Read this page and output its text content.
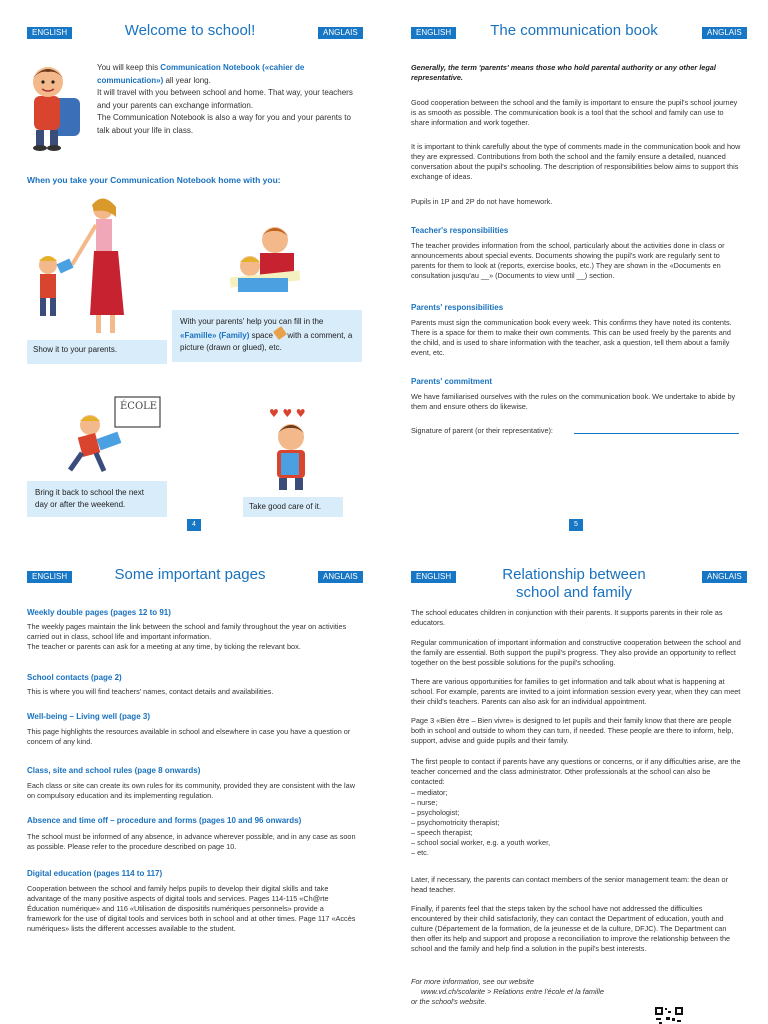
ENGLISH	Welcome to school!	ANGLAIS

You will keep this Communication Notebook («cahier de communication») all year long.

It will travel with you between school and home. That way, your teachers and your parents can exchange information.

The Communication Notebook is also a way for you and your parents to talk about your life in class.

When you take your Communication Notebook home with you:
Show it to your parents.
With your parents' help you can fill in the «Famille» (Family) space  with a comment, a picture (drawn or glued), etc.
ÉCOLE
Bring it back to school the next day or after the weekend.
♥ ♥ ♥
Take good care of it.
4
ENGLISH	The communication book	ANGLAIS
Generally, the term 'parents' means those who hold parental authority or any other legal representative.
Good cooperation between the school and the family is important to ensure the pupil's school journey is as smooth as possible. The communication book is a tool that the school and family can use to share information and work together.
It is important to think carefully about the type of comments made in the communication book and how they are expressed. Contributions from both the school and the family ensure a detailed, nuanced conversation about the pupil's schooling. The description of responsibilities below aims to support this exchange of ideas.
Pupils in 1P and 2P do not have homework.
Teacher's responsibilities
The teacher provides information from the school, particularly about the activities done in class or announcements about special events. Documents showing the pupil's work are regularly sent to parents for them to look at (reports, exercise books, etc.) They are shown in the «Documents en consultation jusqu'au __» (Documents to view until __) section.
Parents' responsibilities
Parents must sign the communication book every week. This confirms they have noted its contents. There is a space for them to make their own comments. This can be used freely by the parents and the child, and is used to share information with the teacher, ask a question, tell them about a family event, etc.
Parents' commitment
We have familiarised ourselves with the rules on the communication book. We undertake to abide by them and ensure others do likewise.
Signature of parent (or their representative):
5
ENGLISH	Some important pages	ANGLAIS
Weekly double pages (pages 12 to 91)
The weekly pages maintain the link between the school and family throughout the year on activities carried out in class, school life and important information.
The teacher or parents can ask for a meeting at any time, by ticking the relevant box.
School contacts (page 2)
This is where you will find teachers' names, contact details and availabilities.
Well-being – Living well (page 3)
This page highlights the resources available in school and elsewhere in case you have a question or concern of any kind.
Class, site and school rules (page 8 onwards)
Each class or site can create its own rules for its community, provided they are consistent with the law on compulsory education and its implementing regulation.
Absence and time off – procedure and forms (pages 10 and 96 onwards)
The school must be informed of any absence, in advance wherever possible, and in any case as soon as possible. Please refer to the procedure described on page 10.
Digital education (pages 114 to 117)
Cooperation between the school and family helps pupils to develop their digital skills and take advantage of the many positive aspects of digital tools and services. Pages 114-115 «Ch@rte Éducation numérique» and 116 «Utilisation de dispositifs numériques personnels» provide a framework for the use of digital tools and services both in school and at other times. Page 117 «Accès numériques» lists the different accesses available to the student.
ENGLISH	Relationship between
school and family
ANGLAIS
The school educates children in conjunction with their parents. It supports parents in their role as educators.
Regular communication of important information and constructive cooperation between the school and the family are essential. Both support the pupil's progress. They also provide an opportunity to reflect together on the best possible solutions for the pupil's schooling.
There are various opportunities for families to get information and talk about what is happening at school. For example, parents are invited to a joint information session every year, when they can meet their child's teachers. Parents can also ask for an individual appointment.
Page 3 «Bien être – Bien vivre» is designed to let pupils and their family know that there are people both in school and outside to whom they can turn, if needed. These people are there to inform, help, support, advise and guide pupils and their family.
The first people to contact if parents have any questions or concerns, or if any difficulties arise, are the teacher concerned and the class administrator. Other professionals at the school can also be contacted:
– mediator;
– nurse;
– psychologist;
– psychomotricity therapist;
– speech therapist;
– school social worker, e.g. a youth worker,
– etc.
Later, if necessary, the parents can contact members of the senior management team: the dean or head teacher.
Finally, if parents feel that the steps taken by the school have not addressed the difficulties encountered by their child satisfactorily, they can contact the Department of education, youth and culture (Département de la formation, de la jeunesse et de la culture, DFJC). The Department can then offer its help and support and propose a reconciliation to improve the relationship between the school and the family and help find a solution in the pupil's best interests.
For more information, see our website
www.vd.ch/scolarite > Relations entre l'école et la famille
or the school's website.
